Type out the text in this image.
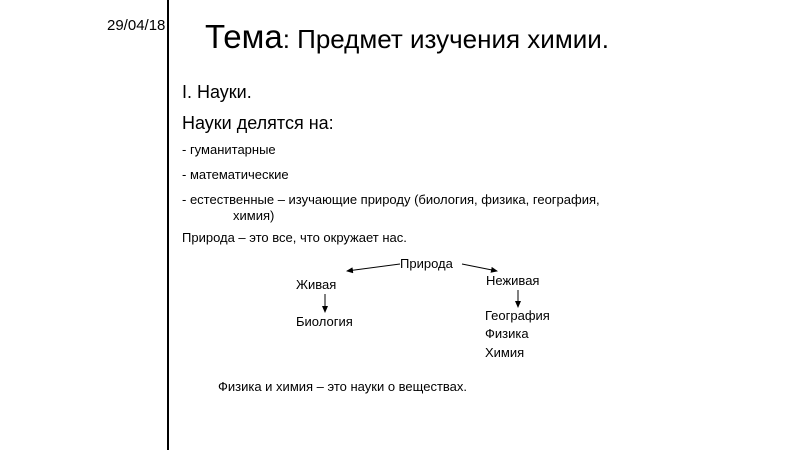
29/04/18 Тема: Предмет изучения химии.
I. Науки.
Науки делятся на:
- гуманитарные
- математические
- естественные – изучающие природу (биология, физика, география,
химия)
Природа – это все, что окружает нас.
Природа
Живая
Биология
Неживая
География
Физика
Химия
Физика и химия – это науки о веществах.
